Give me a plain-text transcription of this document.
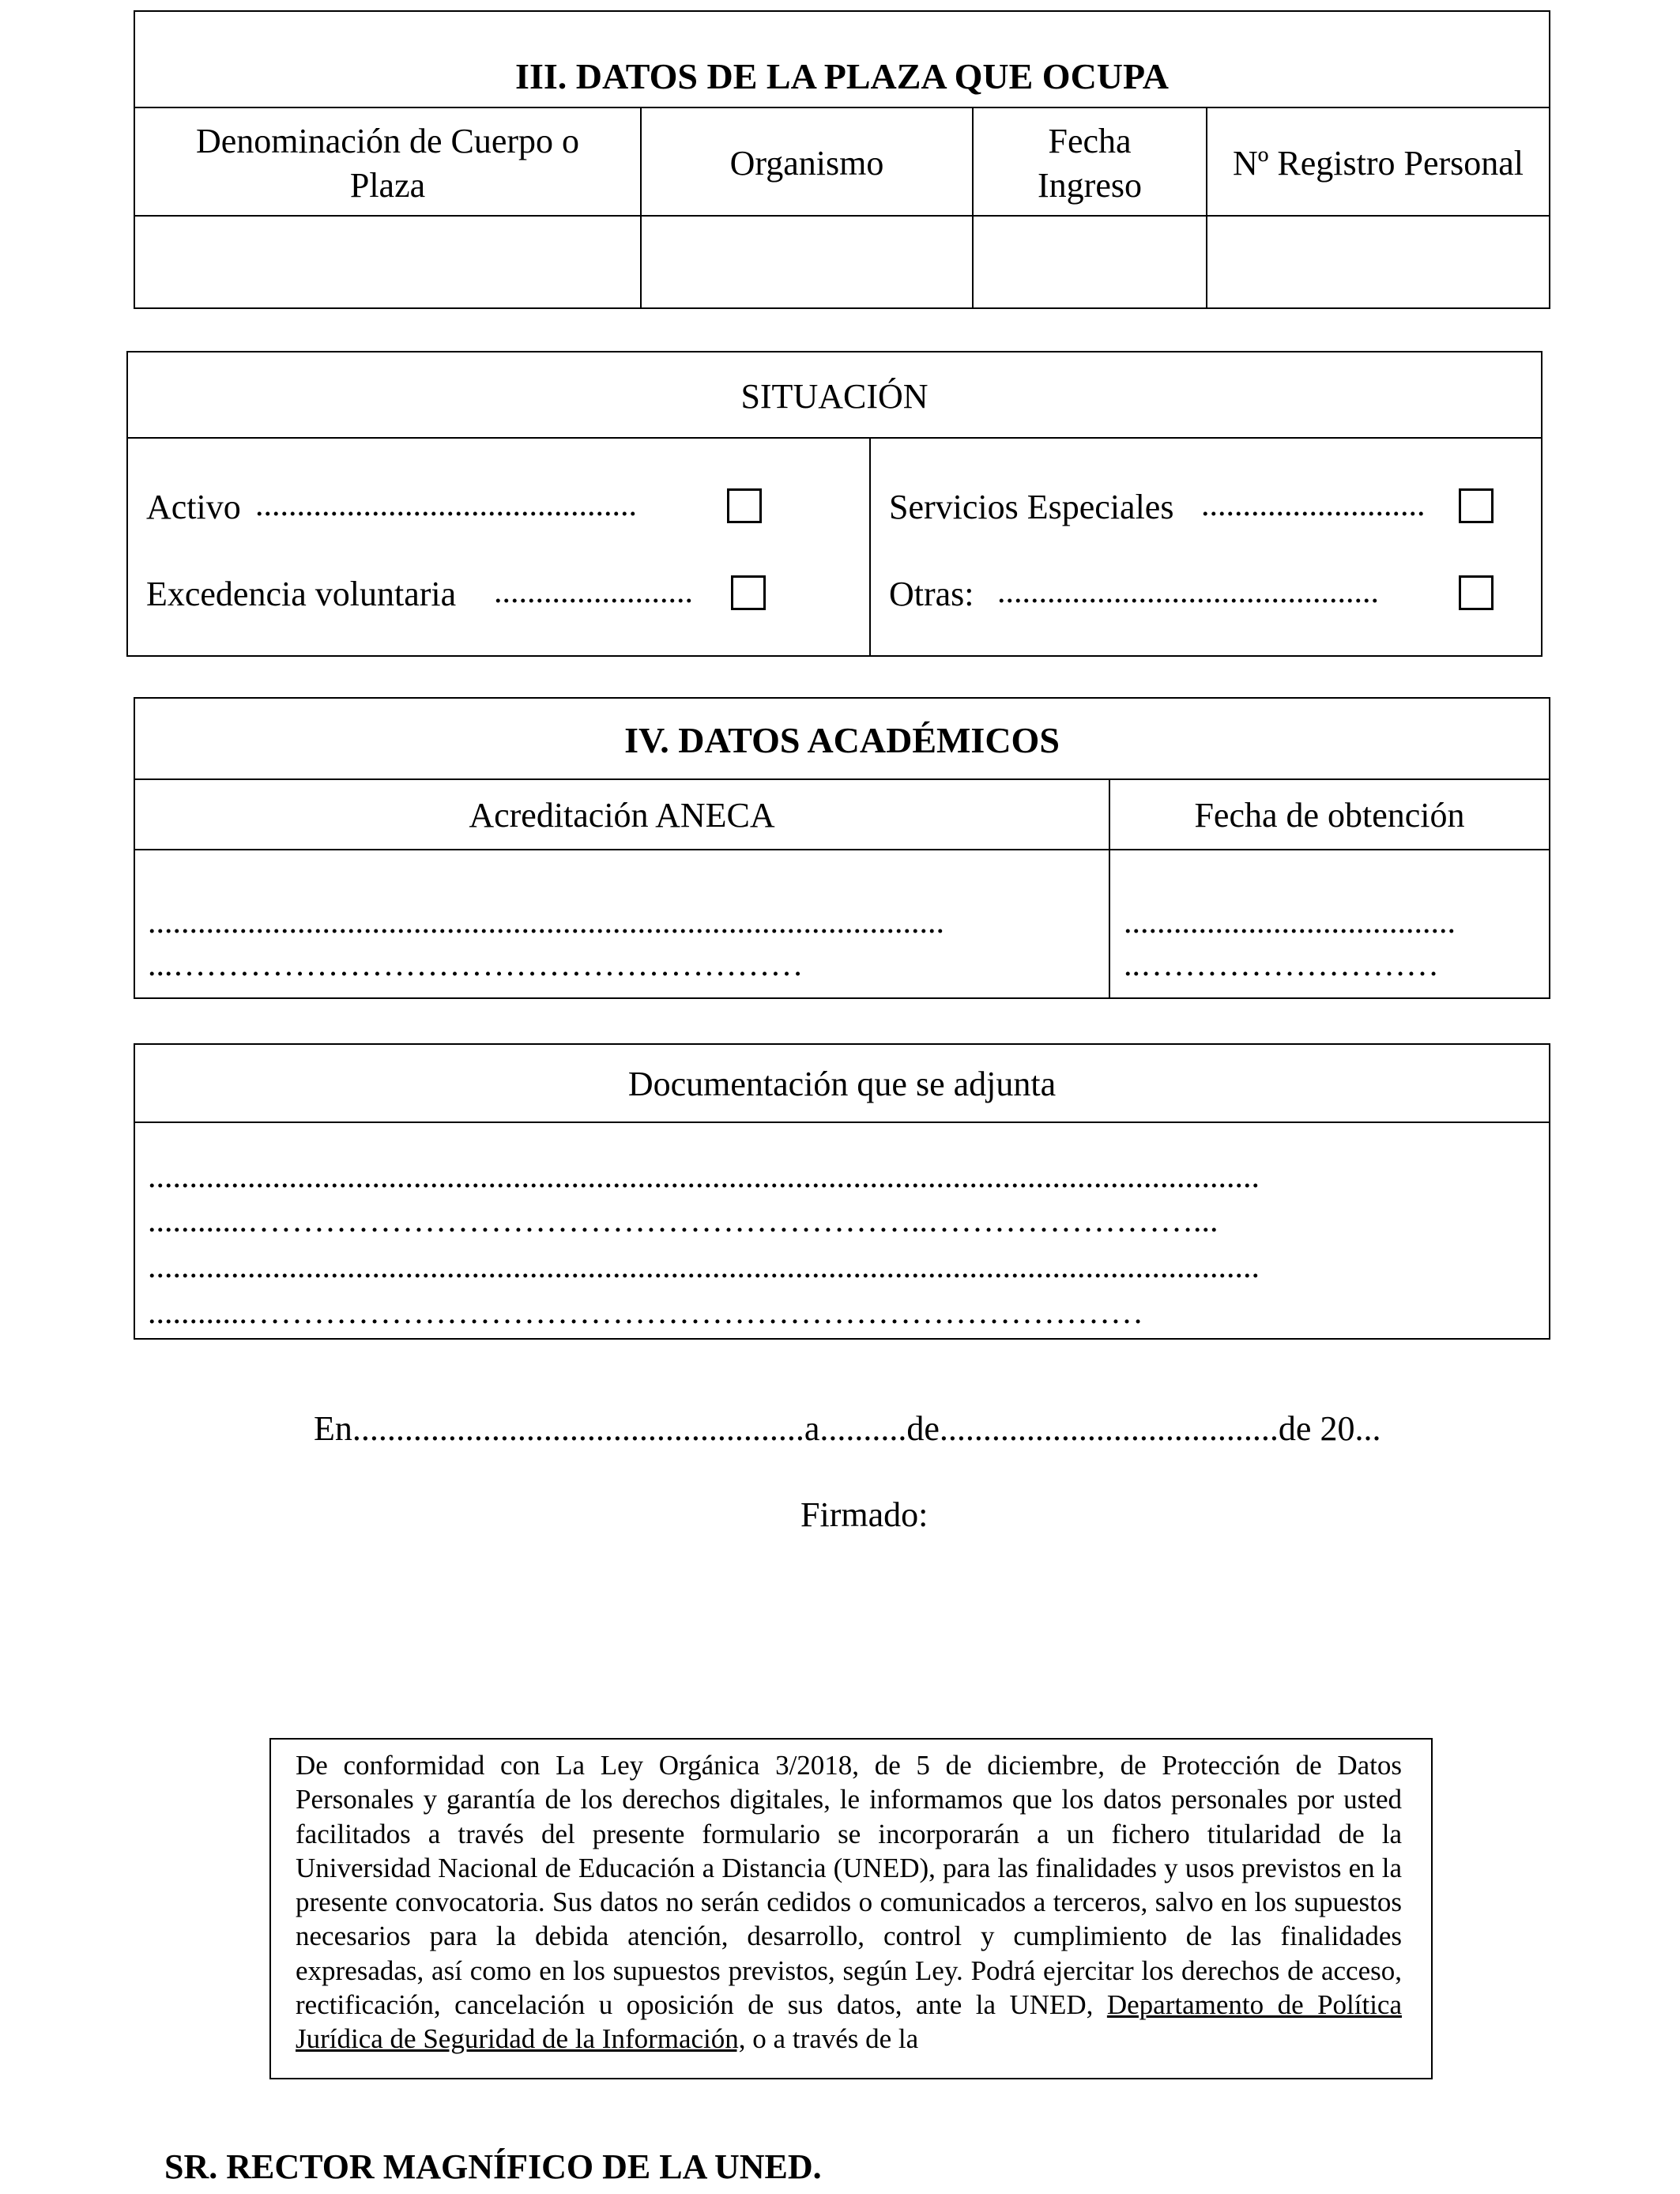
III. DATOS DE LA PLAZA QUE OCUPA
Denominación de Cuerpo o
Plaza
Organismo
Fecha
Ingreso
Nº Registro Personal
SITUACIÓN
Activo ..............................................
Excedencia voluntaria ........................
Servicios Especiales ...........................
Otras: ..............................................
IV. DATOS ACADÉMICOS
Acreditación ANECA	Fecha de obtención
................................................................................................
...…………………………………………………
........................................
..………………………
Documentación que se adjunta
......................................................................................................................................
............……………………………………………………..……………………...
......................................................................................................................................
............………………………………………………………………………
En....................................................a..........de.......................................de 20...
Firmado:
De conformidad con La Ley Orgánica 3/2018, de 5 de diciembre, de Protección de Datos Personales y garantía de los derechos digitales, le informamos que los datos personales por usted facilitados a través del presente formulario se incorporarán a un fichero titularidad de la Universidad Nacional de Educación a Distancia (UNED), para las finalidades y usos previstos en la presente convocatoria. Sus datos no serán cedidos o comunicados a terceros, salvo en los supuestos necesarios para la debida atención, desarrollo, control y cumplimiento de las finalidades expresadas, así como en los supuestos previstos, según Ley. Podrá ejercitar los derechos de acceso, rectificación, cancelación u oposición de sus datos, ante la UNED, Departamento de Política Jurídica de Seguridad de la Información, o a través de la
SR. RECTOR MAGNÍFICO DE LA UNED.
